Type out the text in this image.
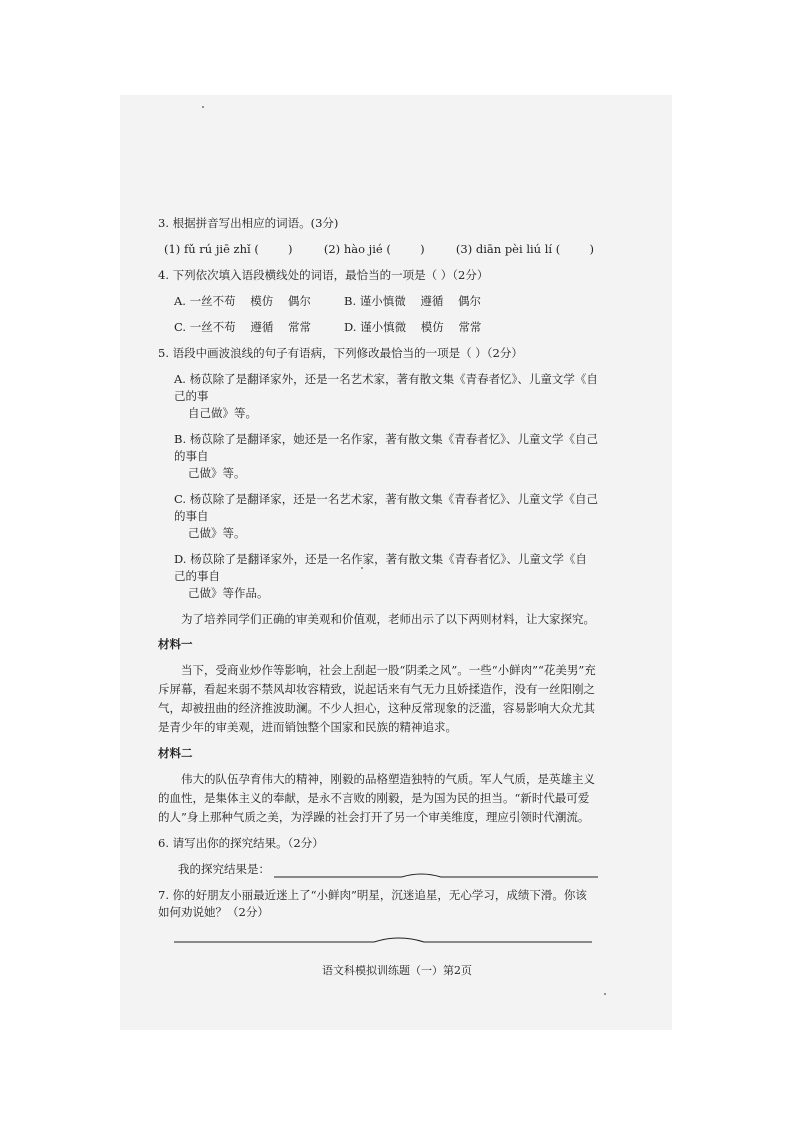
3. 根据拼音写出相应的词语。(3分)
(1) fǔ rú jiē zhǐ (        )	(2) hào jié (        )	(3) diān pèi liú lí (        )
4. 下列依次填入语段横线处的词语，最恰当的一项是（ ）（2分）
A. 一丝不苟    模仿    偶尔	B. 谨小慎微    遵循    偶尔
C. 一丝不苟    遵循    常常	D. 谨小慎微    模仿    常常
5. 语段中画波浪线的句子有语病，下列修改最恰当的一项是（ ）（2分）
A. 杨苡除了是翻译家外，还是一名艺术家，著有散文集《青春者忆》、儿童文学《自己的事
自己做》等。
B. 杨苡除了是翻译家，她还是一名作家，著有散文集《青春者忆》、儿童文学《自己的事自
己做》等。
C. 杨苡除了是翻译家，还是一名艺术家，著有散文集《青春者忆》、儿童文学《自己的事自
己做》等。
D. 杨苡除了是翻译家外，还是一名作家，著有散文集《青春者忆》、儿童文学《自己的事自
己做》等作品。
为了培养同学们正确的审美观和价值观，老师出示了以下两则材料，让大家探究。
材料一
当下，受商业炒作等影响，社会上刮起一股“阴柔之风”。一些“小鲜肉”“花美男”充斥屏幕，看起来弱不禁风却妆容精致，说起话来有气无力且娇揉造作，没有一丝阳刚之气，却被扭曲的经济推波助澜。不少人担心，这种反常现象的泛滥，容易影响大众尤其是青少年的审美观，进而销蚀整个国家和民族的精神追求。
材料二
伟大的队伍孕育伟大的精神，刚毅的品格塑造独特的气质。军人气质，是英雄主义的血性，是集体主义的奉献，是永不言败的刚毅，是为国为民的担当。“新时代最可爱的人”身上那种气质之美，为浮躁的社会打开了另一个审美维度，理应引领时代潮流。
6. 请写出你的探究结果。（2分）
我的探究结果是：
7. 你的好朋友小丽最近迷上了“小鲜肉”明星，沉迷追星，无心学习，成绩下滑。你该如何劝说她？（2分）
语文科模拟训练题（一）第2页
